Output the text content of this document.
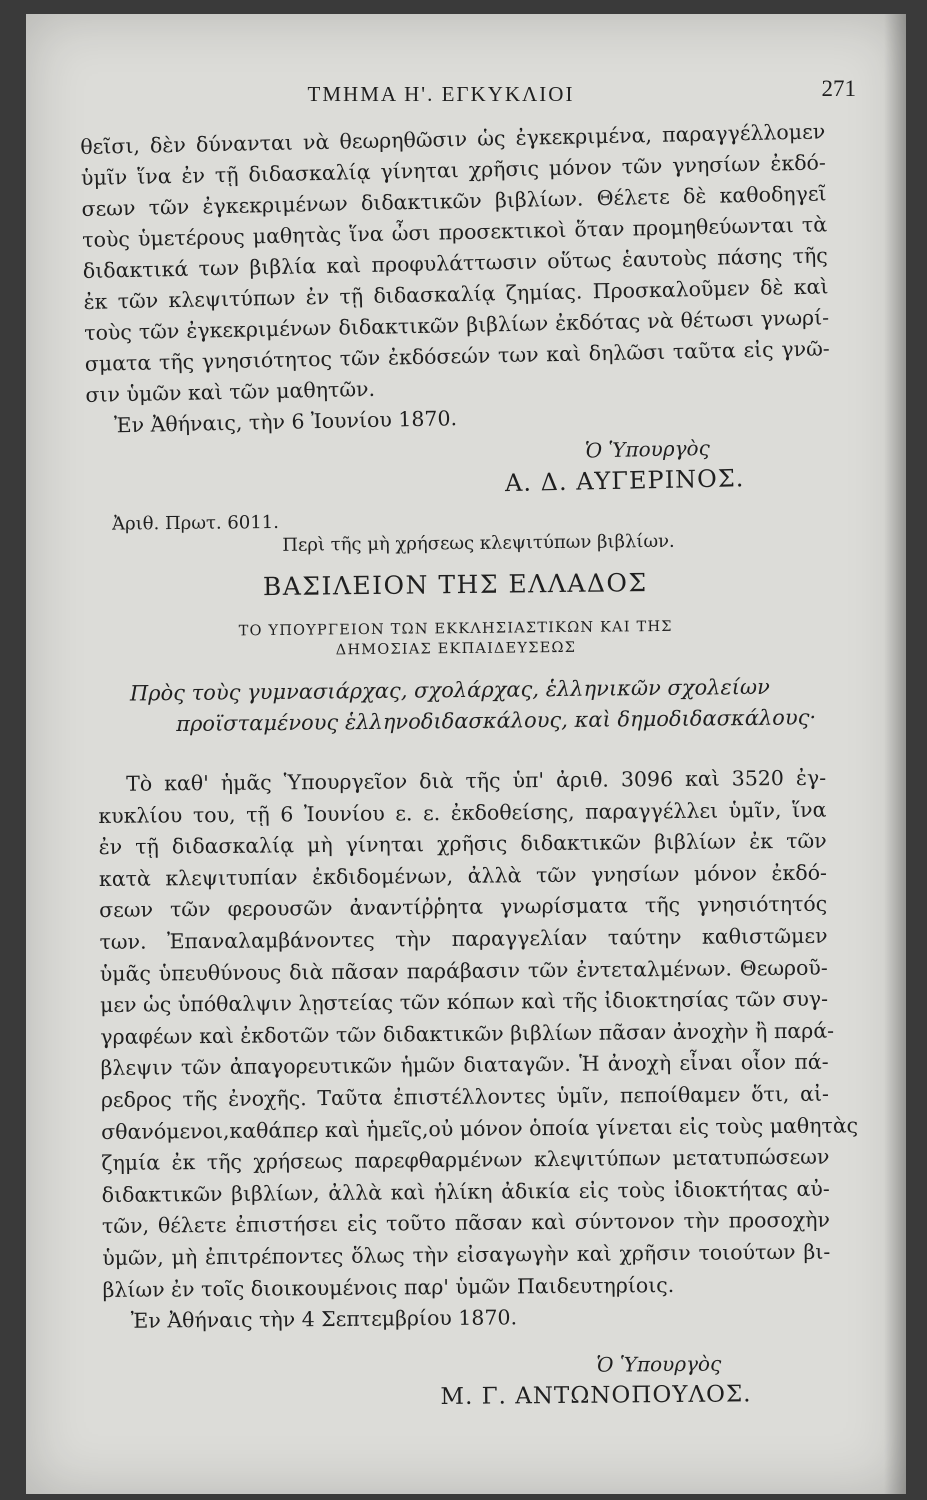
ΤΜΗΜΑ Η'. ΕΓΚΥΚΛΙΟΙ	271
θεῖσι, δὲν δύνανται νὰ θεωρηθῶσιν ὡς ἐγκεκριμένα, παραγγέλλομεν
ὑμῖν ἵνα ἐν τῇ διδασκαλίᾳ γίνηται χρῆσις μόνον τῶν γνησίων ἐκδό-
σεων τῶν ἐγκεκριμένων διδακτικῶν βιβλίων. Θέλετε δὲ καθοδηγεῖ
τοὺς ὑμετέρους μαθητὰς ἵνα ὦσι προσεκτικοὶ ὅταν προμηθεύωνται τὰ
διδακτικά των βιβλία καὶ προφυλάττωσιν οὕτως ἑαυτοὺς πάσης τῆς
ἐκ τῶν κλεψιτύπων ἐν τῇ διδασκαλίᾳ ζημίας. Προσκαλοῦμεν δὲ καὶ
τοὺς τῶν ἐγκεκριμένων διδακτικῶν βιβλίων ἐκδότας νὰ θέτωσι γνωρί-
σματα τῆς γνησιότητος τῶν ἐκδόσεών των καὶ δηλῶσι ταῦτα εἰς γνῶ-
σιν ὑμῶν καὶ τῶν μαθητῶν.
Ἐν Ἀθήναις, τὴν 6 Ἰουνίου 1870.
Ὁ Ὑπουργὸς
Α. Δ. ΑΥΓΕΡΙΝΟΣ.
Ἀριθ. Πρωτ. 6011.
Περὶ τῆς μὴ χρήσεως κλεψιτύπων βιβλίων.
ΒΑΣΙΛΕΙΟΝ ΤΗΣ ΕΛΛΑΔΟΣ
ΤΟ ΥΠΟΥΡΓΕΙΟΝ ΤΩΝ ΕΚΚΛΗΣΙΑΣΤΙΚΩΝ ΚΑΙ ΤΗΣ
ΔΗΜΟΣΙΑΣ ΕΚΠΑΙΔΕΥΣΕΩΣ
Πρὸς τοὺς γυμνασιάρχας, σχολάρχας, ἑλληνικῶν σχολείων
προϊσταμένους ἑλληνοδιδασκάλους, καὶ δημοδιδασκάλους·
Τὸ καθ' ἡμᾶς Ὑπουργεῖον διὰ τῆς ὑπ' ἀριθ. 3096 καὶ 3520 ἐγ-
κυκλίου του, τῇ 6 Ἰουνίου ε. ε. ἐκδοθείσης, παραγγέλλει ὑμῖν, ἵνα
ἐν τῇ διδασκαλίᾳ μὴ γίνηται χρῆσις διδακτικῶν βιβλίων ἐκ τῶν
κατὰ κλεψιτυπίαν ἐκδιδομένων, ἀλλὰ τῶν γνησίων μόνον ἐκδό-
σεων τῶν φερουσῶν ἀναντίῤῥητα γνωρίσματα τῆς γνησιότητός
των. Ἐπαναλαμβάνοντες τὴν παραγγελίαν ταύτην καθιστῶμεν
ὑμᾶς ὑπευθύνους διὰ πᾶσαν παράβασιν τῶν ἐντεταλμένων. Θεωροῦ-
μεν ὡς ὑπόθαλψιν λῃστείας τῶν κόπων καὶ τῆς ἰδιοκτησίας τῶν συγ-
γραφέων καὶ ἐκδοτῶν τῶν διδακτικῶν βιβλίων πᾶσαν ἀνοχὴν ἢ παρά-
βλεψιν τῶν ἀπαγορευτικῶν ἡμῶν διαταγῶν. Ἡ ἀνοχὴ εἶναι οἷον πά-
ρεδρος τῆς ἐνοχῆς. Ταῦτα ἐπιστέλλοντες ὑμῖν, πεποίθαμεν ὅτι, αἰ-
σθανόμενοι,καθάπερ καὶ ἡμεῖς,οὐ μόνον ὁποία γίνεται εἰς τοὺς μαθητὰς
ζημία ἐκ τῆς χρήσεως παρεφθαρμένων κλεψιτύπων μετατυπώσεων
διδακτικῶν βιβλίων, ἀλλὰ καὶ ἡλίκη ἀδικία εἰς τοὺς ἰδιοκτήτας αὐ-
τῶν, θέλετε ἐπιστήσει εἰς τοῦτο πᾶσαν καὶ σύντονον τὴν προσοχὴν
ὑμῶν, μὴ ἐπιτρέποντες ὅλως τὴν εἰσαγωγὴν καὶ χρῆσιν τοιούτων βι-
βλίων ἐν τοῖς διοικουμένοις παρ' ὑμῶν Παιδευτηρίοις.
Ἐν Ἀθήναις τὴν 4 Σεπτεμβρίου 1870.
Ὁ Ὑπουργὸς
Μ. Γ. ΑΝΤΩΝΟΠΟΥΛΟΣ.
